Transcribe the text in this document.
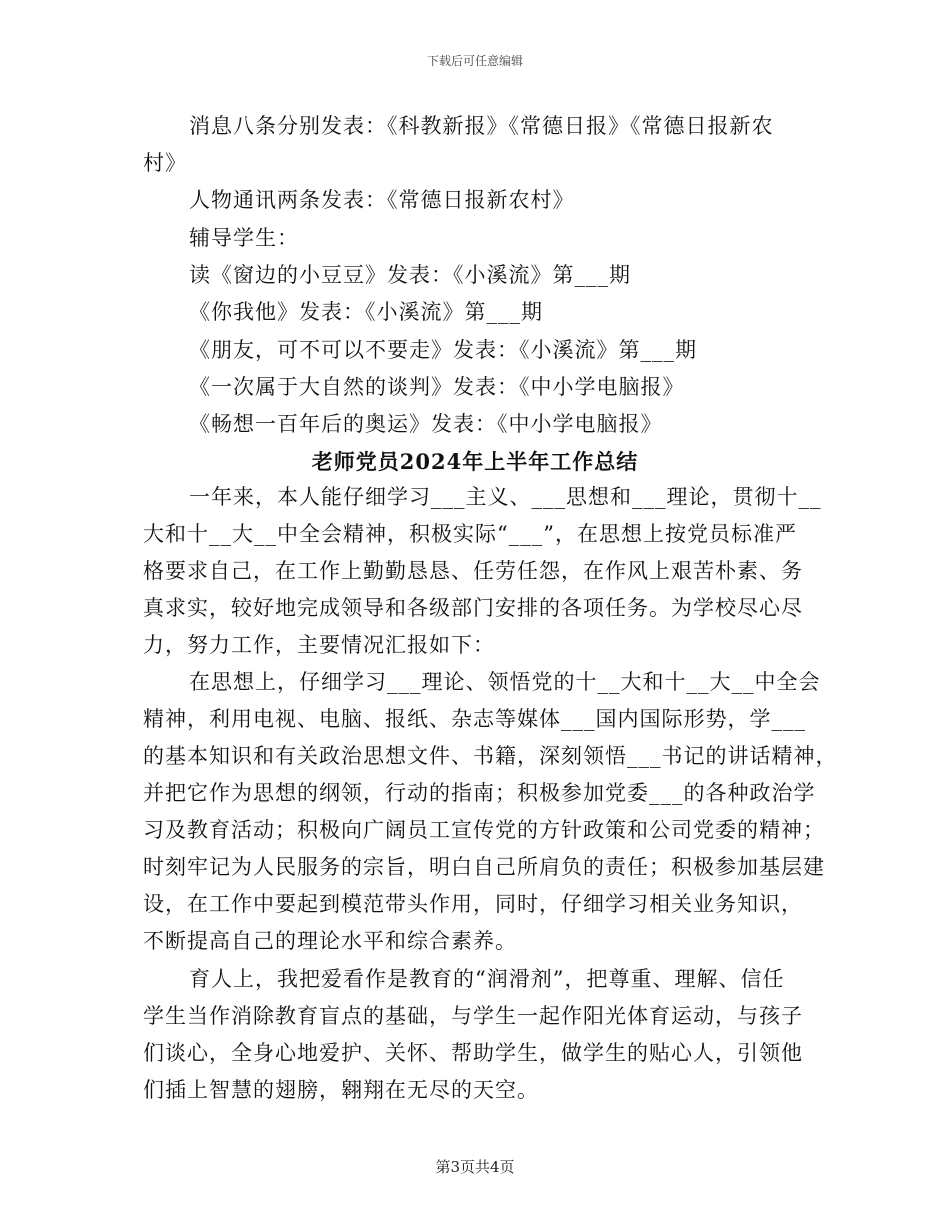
下载后可任意编辑
消息八条分别发表：《科教新报》《常德日报》《常德日报新农
村》
人物通讯两条发表：《常德日报新农村》
辅导学生：
读《窗边的小豆豆》发表：《小溪流》第___期
《你我他》发表：《小溪流》第___期
《朋友，可不可以不要走》发表：《小溪流》第___期
《一次属于大自然的谈判》发表：《中小学电脑报》
《畅想一百年后的奥运》发表：《中小学电脑报》
老师党员2024年上半年工作总结
一年来，本人能仔细学习___主义、___思想和___理论，贯彻十__
大和十__大__中全会精神，积极实际“___”，在思想上按党员标准严
格要求自己，在工作上勤勤恳恳、任劳任怨，在作风上艰苦朴素、务
真求实，较好地完成领导和各级部门安排的各项任务。为学校尽心尽
力，努力工作，主要情况汇报如下：
在思想上，仔细学习___理论、领悟党的十__大和十__大__中全会
精神，利用电视、电脑、报纸、杂志等媒体___国内国际形势，学___
的基本知识和有关政治思想文件、书籍，深刻领悟___书记的讲话精神，
并把它作为思想的纲领，行动的指南；积极参加党委___的各种政治学
习及教育活动；积极向广阔员工宣传党的方针政策和公司党委的精神；
时刻牢记为人民服务的宗旨，明白自己所肩负的责任；积极参加基层建
设，在工作中要起到模范带头作用，同时，仔细学习相关业务知识，
不断提高自己的理论水平和综合素养。
育人上，我把爱看作是教育的“润滑剂”，把尊重、理解、信任
学生当作消除教育盲点的基础，与学生一起作阳光体育运动，与孩子
们谈心，全身心地爱护、关怀、帮助学生，做学生的贴心人，引领他
们插上智慧的翅膀，翱翔在无尽的天空。
第3页共4页
